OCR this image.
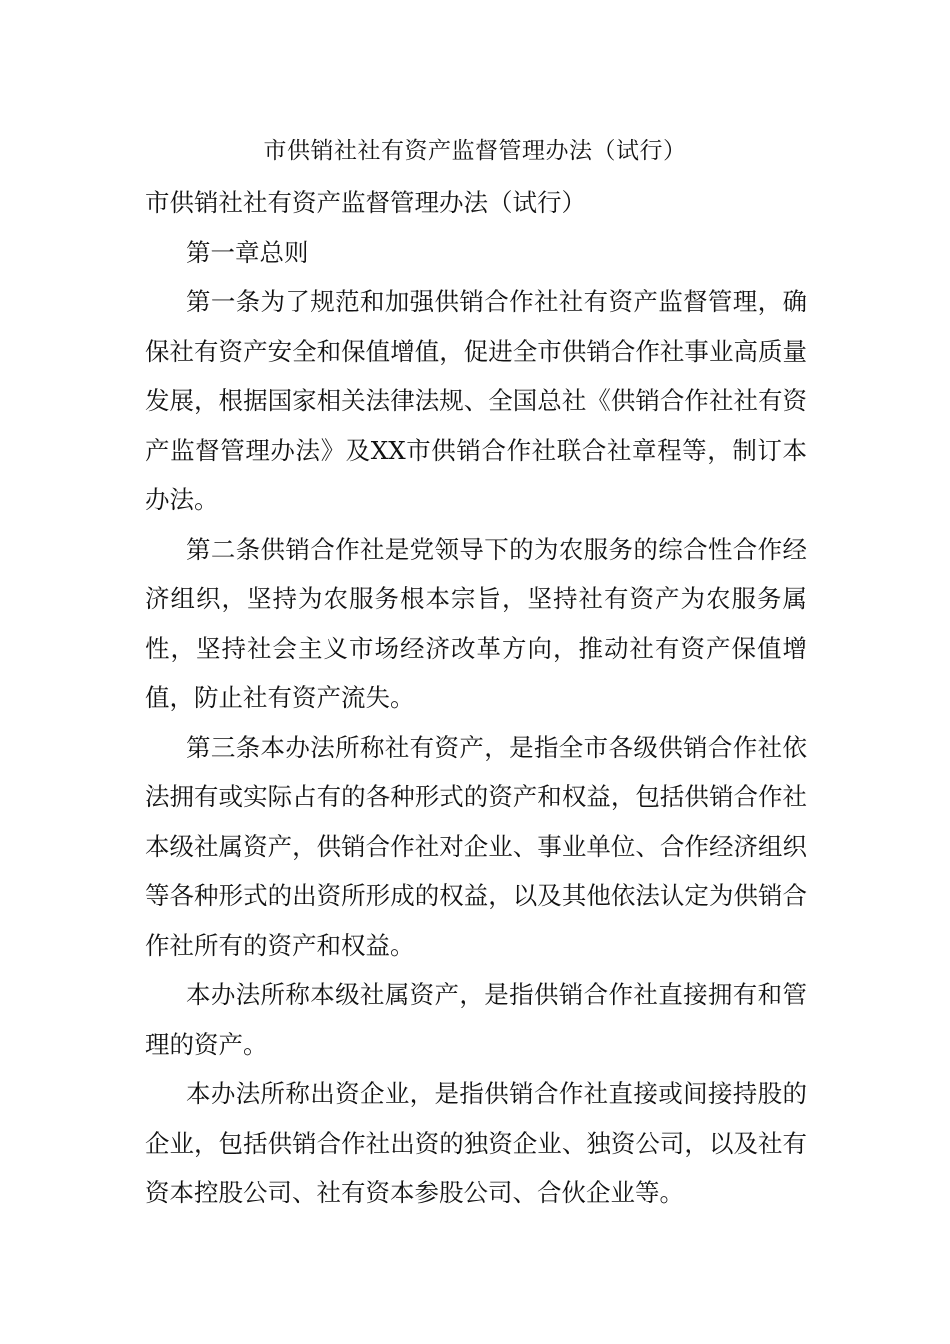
市供销社社有资产监督管理办法（试行）

市供销社社有资产监督管理办法（试行）

第一章总则

第一条为了规范和加强供销合作社社有资产监督管理，确保社有资产安全和保值增值，促进全市供销合作社事业高质量发展，根据国家相关法律法规、全国总社《供销合作社社有资产监督管理办法》及XX市供销合作社联合社章程等，制订本办法。

第二条供销合作社是党领导下的为农服务的综合性合作经济组织，坚持为农服务根本宗旨，坚持社有资产为农服务属性，坚持社会主义市场经济改革方向，推动社有资产保值增值，防止社有资产流失。

第三条本办法所称社有资产，是指全市各级供销合作社依法拥有或实际占有的各种形式的资产和权益，包括供销合作社本级社属资产，供销合作社对企业、事业单位、合作经济组织等各种形式的出资所形成的权益，以及其他依法认定为供销合作社所有的资产和权益。

本办法所称本级社属资产，是指供销合作社直接拥有和管理的资产。

本办法所称出资企业，是指供销合作社直接或间接持股的企业，包括供销合作社出资的独资企业、独资公司，以及社有资本控股公司、社有资本参股公司、合伙企业等。
